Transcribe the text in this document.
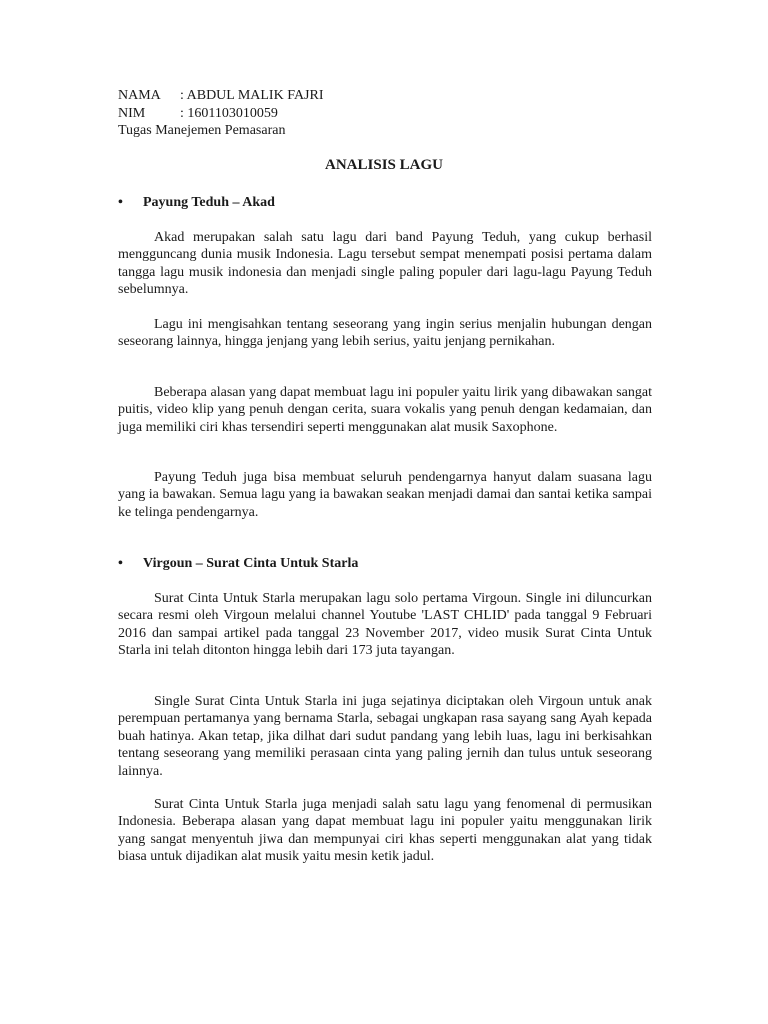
NAMA : ABDUL MALIK FAJRI
NIM : 1601103010059
Tugas Manejemen Pemasaran
ANALISIS LAGU
• Payung Teduh – Akad

Akad merupakan salah satu lagu dari band Payung Teduh, yang cukup berhasil mengguncang dunia musik Indonesia. Lagu tersebut sempat menempati posisi pertama dalam tangga lagu musik indonesia dan menjadi single paling populer dari lagu-lagu Payung Teduh sebelumnya.

Lagu ini mengisahkan tentang seseorang yang ingin serius menjalin hubungan dengan seseorang lainnya, hingga jenjang yang lebih serius, yaitu jenjang pernikahan.

Beberapa alasan yang dapat membuat lagu ini populer yaitu lirik yang dibawakan sangat puitis, video klip yang penuh dengan cerita, suara vokalis yang penuh dengan kedamaian, dan juga memiliki ciri khas tersendiri seperti menggunakan alat musik Saxophone.

Payung Teduh juga bisa membuat seluruh pendengarnya hanyut dalam suasana lagu yang ia bawakan. Semua lagu yang ia bawakan seakan menjadi damai dan santai ketika sampai ke telinga pendengarnya.

• Virgoun – Surat Cinta Untuk Starla

Surat Cinta Untuk Starla merupakan lagu solo pertama Virgoun. Single ini diluncurkan secara resmi oleh Virgoun melalui channel Youtube 'LAST CHLID' pada tanggal 9 Februari 2016 dan sampai artikel pada tanggal 23 November 2017, video musik Surat Cinta Untuk Starla ini telah ditonton hingga lebih dari 173 juta tayangan.

Single Surat Cinta Untuk Starla ini juga sejatinya diciptakan oleh Virgoun untuk anak perempuan pertamanya yang bernama Starla, sebagai ungkapan rasa sayang sang Ayah kepada buah hatinya. Akan tetap, jika dilhat dari sudut pandang yang lebih luas, lagu ini berkisahkan tentang seseorang yang memiliki perasaan cinta yang paling jernih dan tulus untuk seseorang lainnya.

Surat Cinta Untuk Starla juga menjadi salah satu lagu yang fenomenal di permusikan Indonesia. Beberapa alasan yang dapat membuat lagu ini populer yaitu menggunakan lirik yang sangat menyentuh jiwa dan mempunyai ciri khas seperti menggunakan alat yang tidak biasa untuk dijadikan alat musik yaitu mesin ketik jadul.
